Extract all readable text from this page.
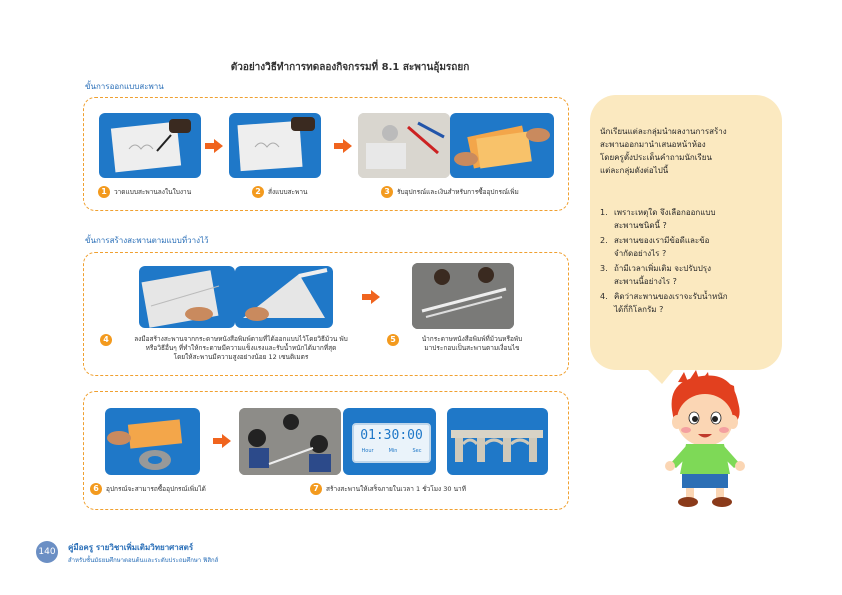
ตัวอย่างวิธีทำการทดลองกิจกรรมที่ 8.1 สะพานอุ้มรถยก
ขั้นการออกแบบสะพาน
1	วาดแบบสะพานลงในใบงาน	2	สั่งแบบสะพาน	3	รับอุปกรณ์และเงินสำหรับการซื้ออุปกรณ์เพิ่ม
ขั้นการสร้างสะพานตามแบบที่วางไว้
4	ลงมือสร้างสะพานจากกระดาษหนังสือพิมพ์ตามที่ได้ออกแบบไว้โดยวิธีม้วน พับ
หรือวิธีอื่นๆ ที่ทำให้กระดาษมีความแข็งแรงและรับน้ำหนักได้มากที่สุด
โดยให้สะพานมีความสูงอย่างน้อย 12 เซนติเมตร
5	นำกระดาษหนังสือพิมพ์ที่ม้วนหรือพับ
มาประกอบเป็นสะพานตามเงื่อนไข
01:30:00
Hour	Min	Sec
6	อุปกรณ์จะสามารถซื้ออุปกรณ์เพิ่มได้	7	สร้างสะพานให้เสร็จภายในเวลา 1 ชั่วโมง 30 นาที
นักเรียนแต่ละกลุ่มนำผลงานการสร้าง
สะพานออกมานำเสนอหน้าห้อง
โดยครูตั้งประเด็นคำถามนักเรียน
แต่ละกลุ่มดังต่อไปนี้
1. เพราะเหตุใด จึงเลือกออกแบบ
สะพานชนิดนี้ ?
2. สะพานของเรามีข้อดีและข้อ
จำกัดอย่างไร ?
3. ถ้ามีเวลาเพิ่มเติม จะปรับปรุง
สะพานนี้อย่างไร ?
4. คิดว่าสะพานของเราจะรับน้ำหนัก
ได้กี่กิโลกรัม ?
140	คู่มือครู รายวิชาเพิ่มเติมวิทยาศาสตร์
สำหรับชั้นมัธยมศึกษาตอนต้นและระดับประถมศึกษา ฟิสิกส์
